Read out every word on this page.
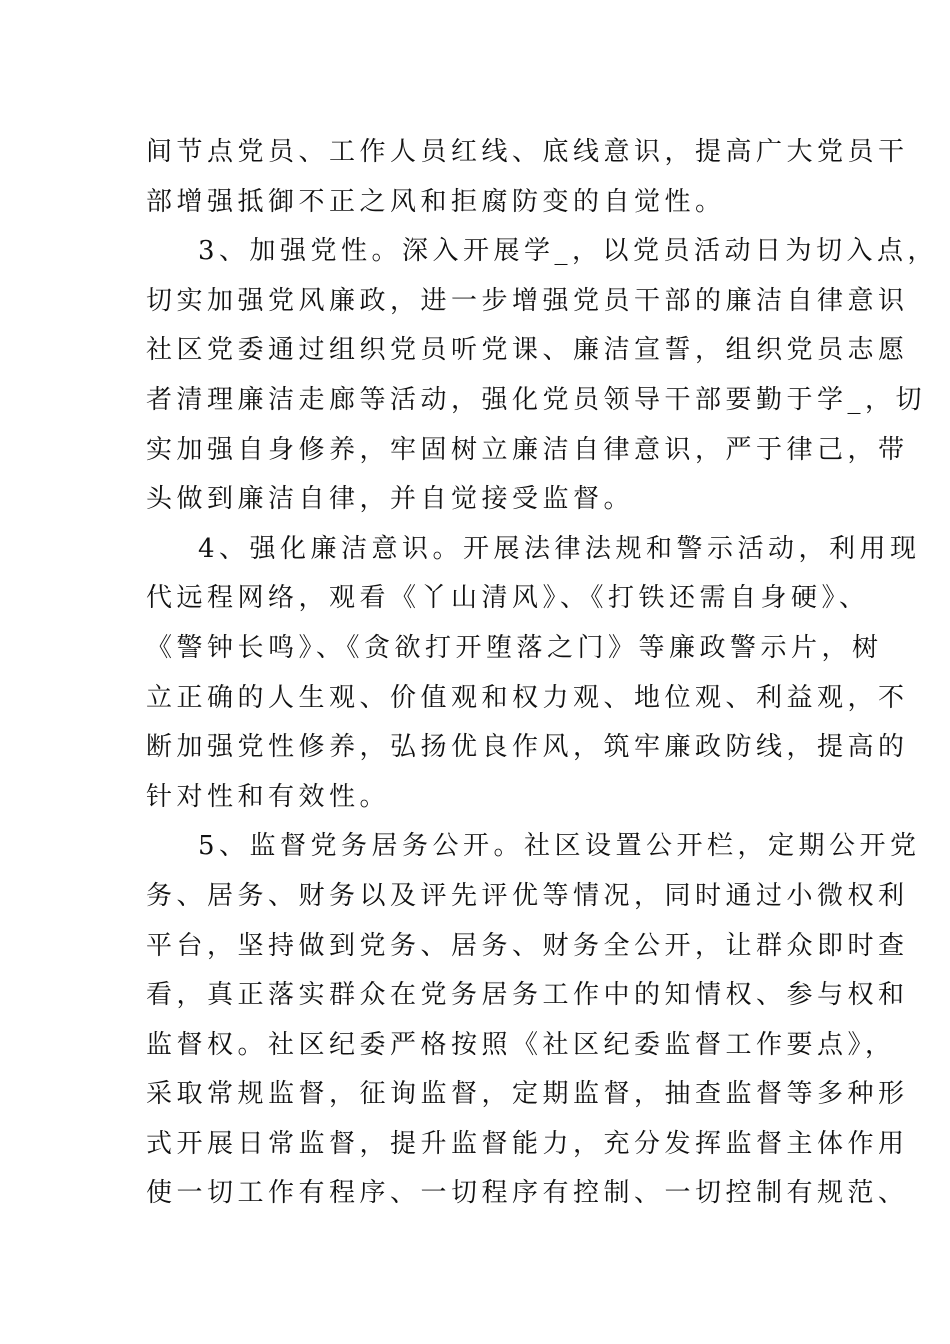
间节点党员、工作人员红线、底线意识，提高广大党员干
部增强抵御不正之风和拒腐防变的自觉性。
3、加强党性。深入开展学_，以党员活动日为切入点，
切实加强党风廉政，进一步增强党员干部的廉洁自律意识
社区党委通过组织党员听党课、廉洁宣誓，组织党员志愿
者清理廉洁走廊等活动，强化党员领导干部要勤于学_，切
实加强自身修养，牢固树立廉洁自律意识，严于律己，带
头做到廉洁自律，并自觉接受监督。
4、强化廉洁意识。开展法律法规和警示活动，利用现
代远程网络，观看《丫山清风》、《打铁还需自身硬》、
《警钟长鸣》、《贪欲打开堕落之门》等廉政警示片，树
立正确的人生观、价值观和权力观、地位观、利益观，不
断加强党性修养，弘扬优良作风，筑牢廉政防线，提高的
针对性和有效性。
5、监督党务居务公开。社区设置公开栏，定期公开党
务、居务、财务以及评先评优等情况，同时通过小微权利
平台，坚持做到党务、居务、财务全公开，让群众即时查
看，真正落实群众在党务居务工作中的知情权、参与权和
监督权。社区纪委严格按照《社区纪委监督工作要点》，
采取常规监督，征询监督，定期监督，抽查监督等多种形
式开展日常监督，提升监督能力，充分发挥监督主体作用
使一切工作有程序、一切程序有控制、一切控制有规范、
